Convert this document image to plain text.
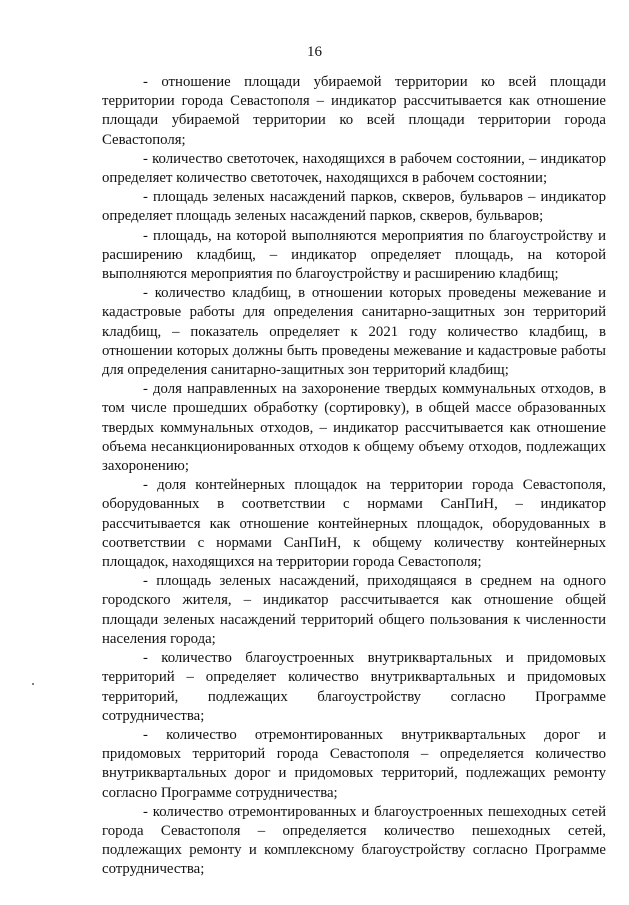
16

- отношение площади убираемой территории ко всей площади территории города Севастополя – индикатор рассчитывается как отношение площади убираемой территории ко всей площади территории города Севастополя;

- количество светоточек, находящихся в рабочем состоянии, – индикатор определяет количество светоточек, находящихся в рабочем состоянии;

- площадь зеленых насаждений парков, скверов, бульваров – индикатор определяет площадь зеленых насаждений парков, скверов, бульваров;

- площадь, на которой выполняются мероприятия по благоустройству и расширению кладбищ, – индикатор определяет площадь, на которой выполняются мероприятия по благоустройству и расширению кладбищ;

- количество кладбищ, в отношении которых проведены межевание и кадастровые работы для определения санитарно-защитных зон территорий кладбищ, – показатель определяет к 2021 году количество кладбищ, в отношении которых должны быть проведены межевание и кадастровые работы для определения санитарно-защитных зон территорий кладбищ;

- доля направленных на захоронение твердых коммунальных отходов, в том числе прошедших обработку (сортировку), в общей массе образованных твердых коммунальных отходов, – индикатор рассчитывается как отношение объема несанкционированных отходов к общему объему отходов, подлежащих захоронению;

- доля контейнерных площадок на территории города Севастополя, оборудованных в соответствии с нормами СанПиН, – индикатор рассчитывается как отношение контейнерных площадок, оборудованных в соответствии с нормами СанПиН, к общему количеству контейнерных площадок, находящихся на территории города Севастополя;

- площадь зеленых насаждений, приходящаяся в среднем на одного городского жителя, – индикатор рассчитывается как отношение общей площади зеленых насаждений территорий общего пользования к численности населения города;

- количество благоустроенных внутриквартальных и придомовых территорий – определяет количество внутриквартальных и придомовых территорий, подлежащих благоустройству согласно Программе сотрудничества;

- количество отремонтированных внутриквартальных дорог и придомовых территорий города Севастополя – определяется количество внутриквартальных дорог и придомовых территорий, подлежащих ремонту согласно Программе сотрудничества;

- количество отремонтированных и благоустроенных пешеходных сетей города Севастополя – определяется количество пешеходных сетей, подлежащих ремонту и комплексному благоустройству согласно Программе сотрудничества;
